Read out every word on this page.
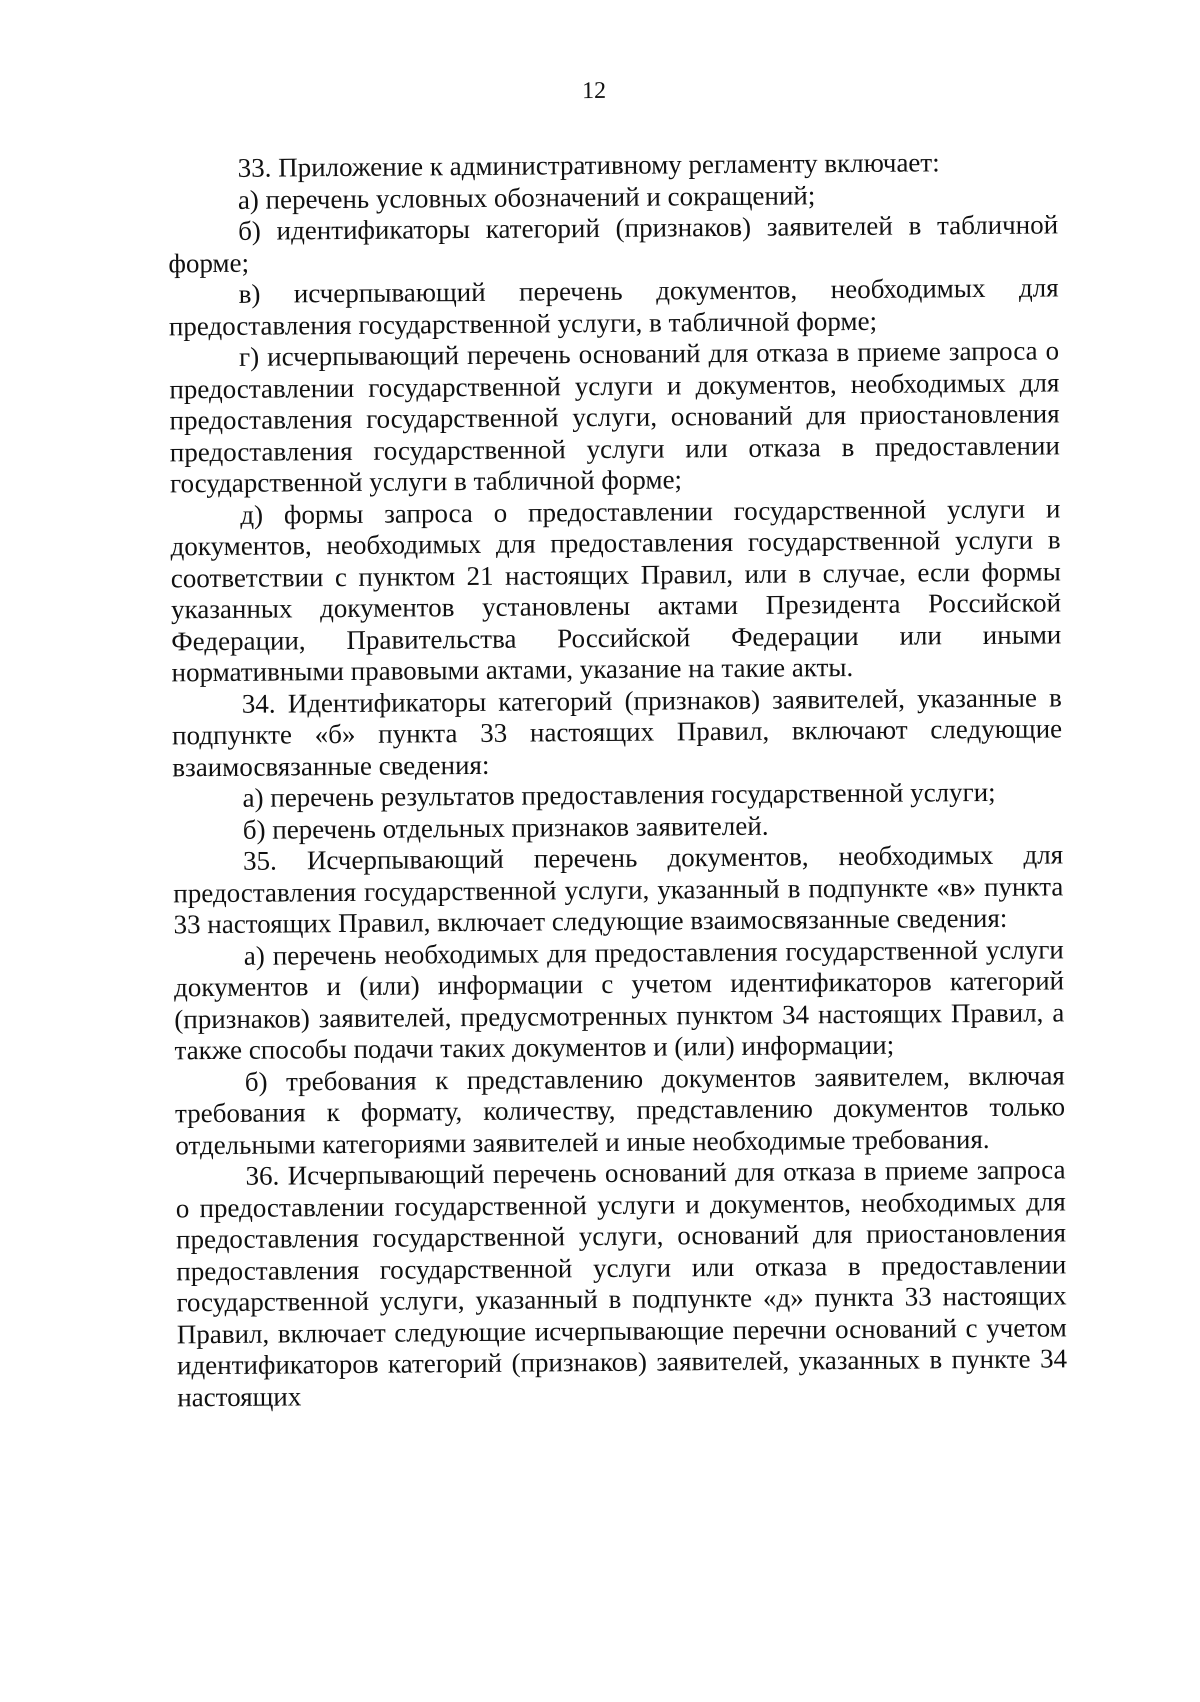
12

33. Приложение к административному регламенту включает:

а) перечень условных обозначений и сокращений;

б) идентификаторы категорий (признаков) заявителей в табличной форме;

в) исчерпывающий перечень документов, необходимых для предоставления государственной услуги, в табличной форме;

г) исчерпывающий перечень оснований для отказа в приеме запроса о предоставлении государственной услуги и документов, необходимых для предоставления государственной услуги, оснований для приостановления предоставления государственной услуги или отказа в предоставлении государственной услуги в табличной форме;

д) формы запроса о предоставлении государственной услуги и документов, необходимых для предоставления государственной услуги в соответствии с пунктом 21 настоящих Правил, или в случае, если формы указанных документов установлены актами Президента Российской Федерации, Правительства Российской Федерации или иными нормативными правовыми актами, указание на такие акты.

34. Идентификаторы категорий (признаков) заявителей, указанные в подпункте «б» пункта 33 настоящих Правил, включают следующие взаимосвязанные сведения:

а) перечень результатов предоставления государственной услуги;

б) перечень отдельных признаков заявителей.

35. Исчерпывающий перечень документов, необходимых для предоставления государственной услуги, указанный в подпункте «в» пункта 33 настоящих Правил, включает следующие взаимосвязанные сведения:

а) перечень необходимых для предоставления государственной услуги документов и (или) информации с учетом идентификаторов категорий (признаков) заявителей, предусмотренных пунктом 34 настоящих Правил, а также способы подачи таких документов и (или) информации;

б) требования к представлению документов заявителем, включая требования к формату, количеству, представлению документов только отдельными категориями заявителей и иные необходимые требования.

36. Исчерпывающий перечень оснований для отказа в приеме запроса о предоставлении государственной услуги и документов, необходимых для предоставления государственной услуги, оснований для приостановления предоставления государственной услуги или отказа в предоставлении государственной услуги, указанный в подпункте «д» пункта 33 настоящих Правил, включает следующие исчерпывающие перечни оснований с учетом идентификаторов категорий (признаков) заявителей, указанных в пункте 34 настоящих
